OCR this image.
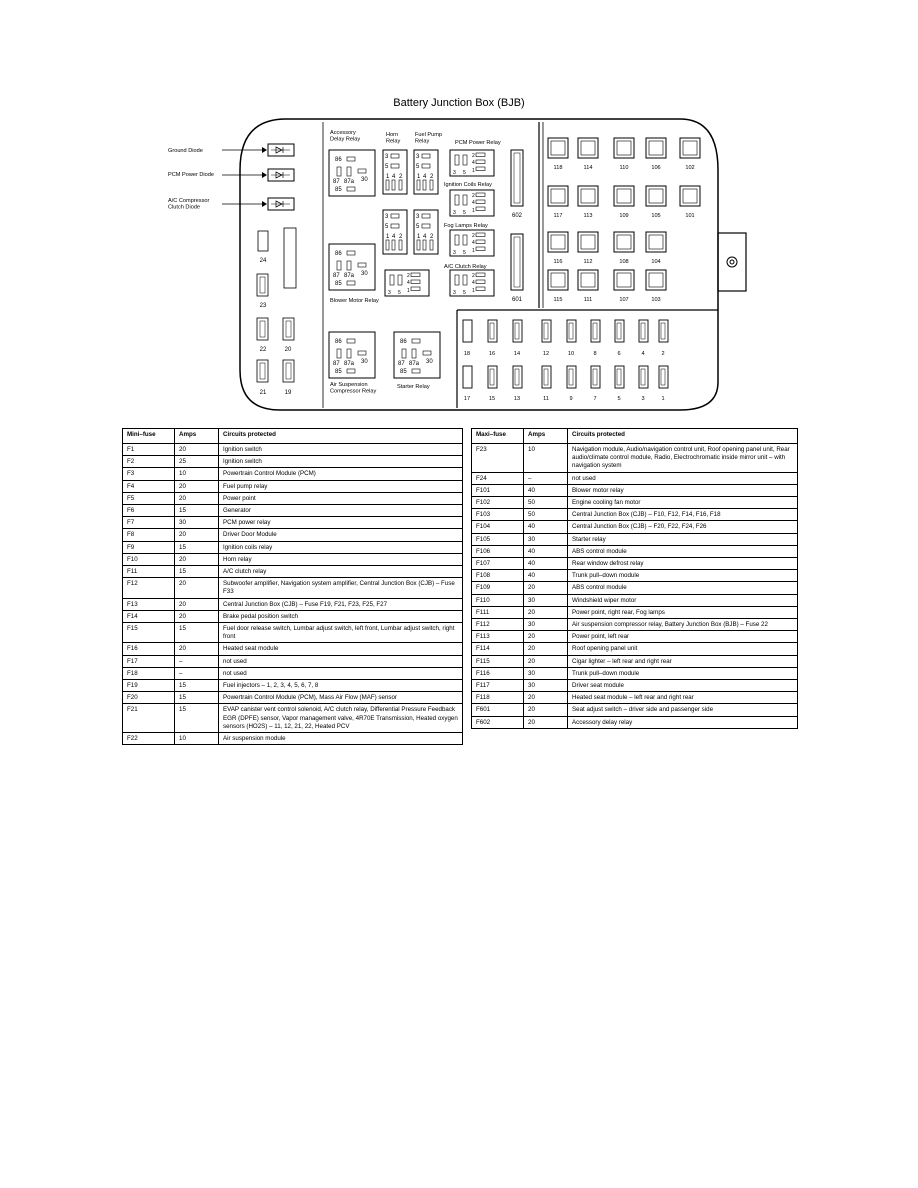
Battery Junction Box (BJB)
Ground Diode
PCM Power Diode
A/C Compressor Clutch Diode
24
23
22	20
21	19
86
87 87a 30
85
Accessory Delay Relay
86
87 87a 30
85
Blower Motor Relay
86
87 87a 30
85
Air Suspension Compressor Relay
86
87 87a 30
85
Starter Relay
3
5
1 4 2
Horn Relay
3
5
1 4 2
Fuel Pump Relay
3
5
1 4 2
3
5
1 4 2
2
4
1
3 5
PCM Power Relay
2
4
1
3 5
Ignition Coils Relay
2
4
1
3 5
Fog Lamps Relay
2
4
1
3 5
A/C Clutch Relay
2
4
1
3 5
602
601
118	114	110	106	102
117	113	109	105	101
116	112	108	104
115	111	107	103
18	16	14	12	10	8	6	4	2
17	15	13	11	9	7	5	3	1
Mini–fuse	Amps	Circuits protected
F1	20	Ignition switch
F2	25	Ignition switch
F3	10	Powertrain Control Module (PCM)
F4	20	Fuel pump relay
F5	20	Power point
F6	15	Generator
F7	30	PCM power relay
F8	20	Driver Door Module
F9	15	Ignition coils relay
F10	20	Horn relay
F11	15	A/C clutch relay
F12	20	Subwoofer amplifier, Navigation system amplifier, Central Junction Box (CJB) – Fuse F33
F13	20	Central Junction Box (CJB) – Fuse F19, F21, F23, F25, F27
F14	20	Brake pedal position switch
F15	15	Fuel door release switch, Lumbar adjust switch, left front, Lumbar adjust switch, right front
F16	20	Heated seat module
F17	–	not used
F18	–	not used
F19	15	Fuel injectors – 1, 2, 3, 4, 5, 6, 7, 8
F20	15	Powertrain Control Module (PCM), Mass Air Flow (MAF) sensor
F21	15	EVAP canister vent control solenoid, A/C clutch relay, Differential Pressure Feedback EGR (DPFE) sensor, Vapor management valve, 4R70E Transmission, Heated oxygen sensors (HO2S) – 11, 12, 21, 22, Heated PCV
F22	10	Air suspension module
Maxi–fuse	Amps	Circuits protected
F23	10	Navigation module, Audio/navigation control unit, Roof opening panel unit, Rear audio/climate control module, Radio, Electrochromatic inside mirror unit – with navigation system
F24	–	not used
F101	40	Blower motor relay
F102	50	Engine cooling fan motor
F103	50	Central Junction Box (CJB) – F10, F12, F14, F16, F18
F104	40	Central Junction Box (CJB) – F20, F22, F24, F26
F105	30	Starter relay
F106	40	ABS control module
F107	40	Rear window defrost relay
F108	40	Trunk pull–down module
F109	20	ABS control module
F110	30	Windshield wiper motor
F111	20	Power point, right rear, Fog lamps
F112	30	Air suspension compressor relay, Battery Junction Box (BJB) – Fuse 22
F113	20	Power point, left rear
F114	20	Roof opening panel unit
F115	20	Cigar lighter – left rear and right rear
F116	30	Trunk pull–down module
F117	30	Driver seat module
F118	20	Heated seat module – left rear and right rear
F601	20	Seat adjust switch – driver side and passenger side
F602	20	Accessory delay relay
